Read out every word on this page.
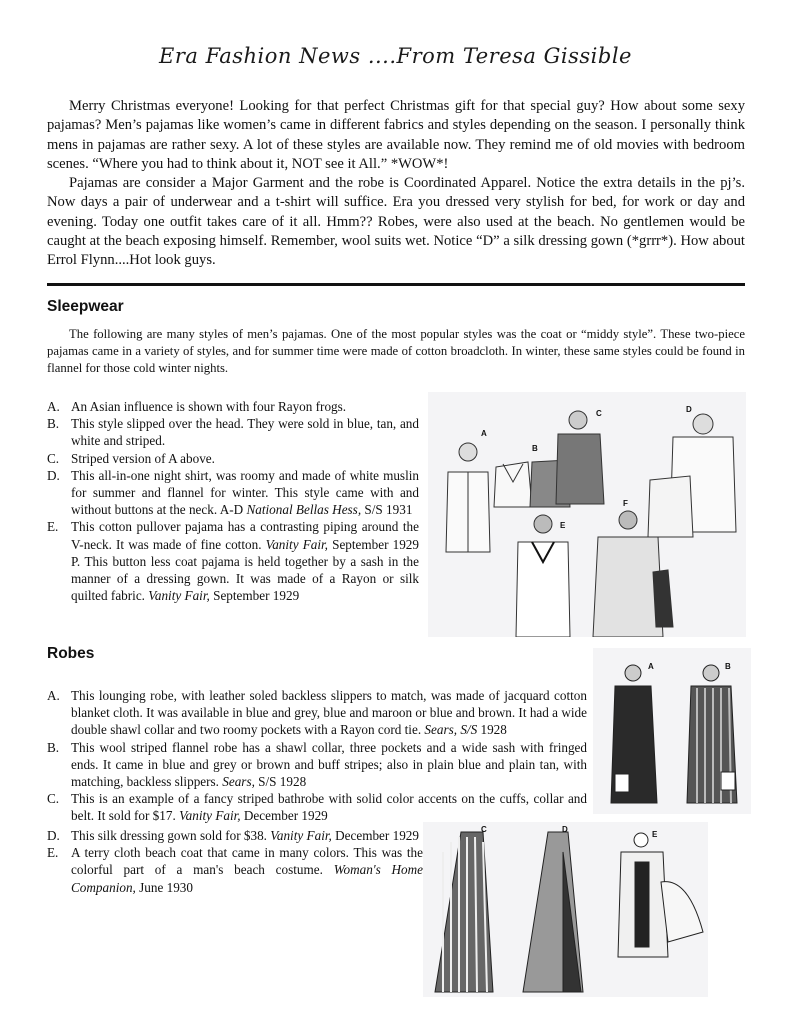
Era Fashion News ....From Teresa Gissible

Merry Christmas everyone! Looking for that perfect Christmas gift for that special guy? How about some sexy pajamas? Men’s pajamas like women’s came in different fabrics and styles depending on the season. I personally think mens in pajamas are rather sexy. A lot of these styles are available now. They remind me of old movies with bedroom scenes. “Where you had to think about it, NOT see it All.” *WOW*!

Pajamas are consider a Major Garment and the robe is Coordinated Apparel. Notice the extra details in the pj’s. Now days a pair of underwear and a t-shirt will suffice. Era you dressed very stylish for bed, for work or day and evening. Today one outfit takes care of it all. Hmm?? Robes, were also used at the beach. No gentlemen would be caught at the beach exposing himself. Remember, wool suits wet. Notice “D” a silk dressing gown (*grrr*). How about Errol Flynn....Hot look guys.

Sleepwear

The following are many styles of men’s pajamas. One of the most popular styles was the coat or “middy style”. These two-piece pajamas came in a variety of styles, and for summer time were made of cotton broadcloth. In winter, these same styles could be found in flannel for those cold winter nights.

A. An Asian influence is shown with four Rayon frogs.
B. This style slipped over the head. They were sold in blue, tan, and white and striped.
C. Striped version of A above.
D. This all-in-one night shirt, was roomy and made of white muslin for summer and flannel for winter. This style came with and without buttons at the neck. A-D National Bellas Hess, S/S 1931
E. This cotton pullover pajama has a contrasting piping around the V-neck. It was made of fine cotton. Vanity Fair, September 1929 P. This button less coat pajama is held together by a sash in the manner of a dressing gown. It was made of a Rayon or silk quilted fabric. Vanity Fair, September 1929
A
B
C	D
E
F
Robes
A. This lounging robe, with leather soled backless slippers to match, was made of jacquard cotton blanket cloth. It was available in blue and grey, blue and maroon or blue and brown. It had a wide double shawl collar and two roomy pockets with a Rayon cord tie. Sears, S/S 1928
B. This wool striped flannel robe has a shawl collar, three pockets and a wide sash with fringed ends. It came in blue and grey or brown and buff stripes; also in plain blue and plain tan, with matching, backless slippers. Sears, S/S 1928
C. This is an example of a fancy striped bathrobe with solid color accents on the cuffs, collar and belt. It sold for $17. Vanity Fair, December 1929
D. This silk dressing gown sold for $38. Vanity Fair, December 1929
E. A terry cloth beach coat that came in many colors. This was the colorful part of a man's beach costume. Woman's Home Companion, June 1930
A	B
C	D
E
